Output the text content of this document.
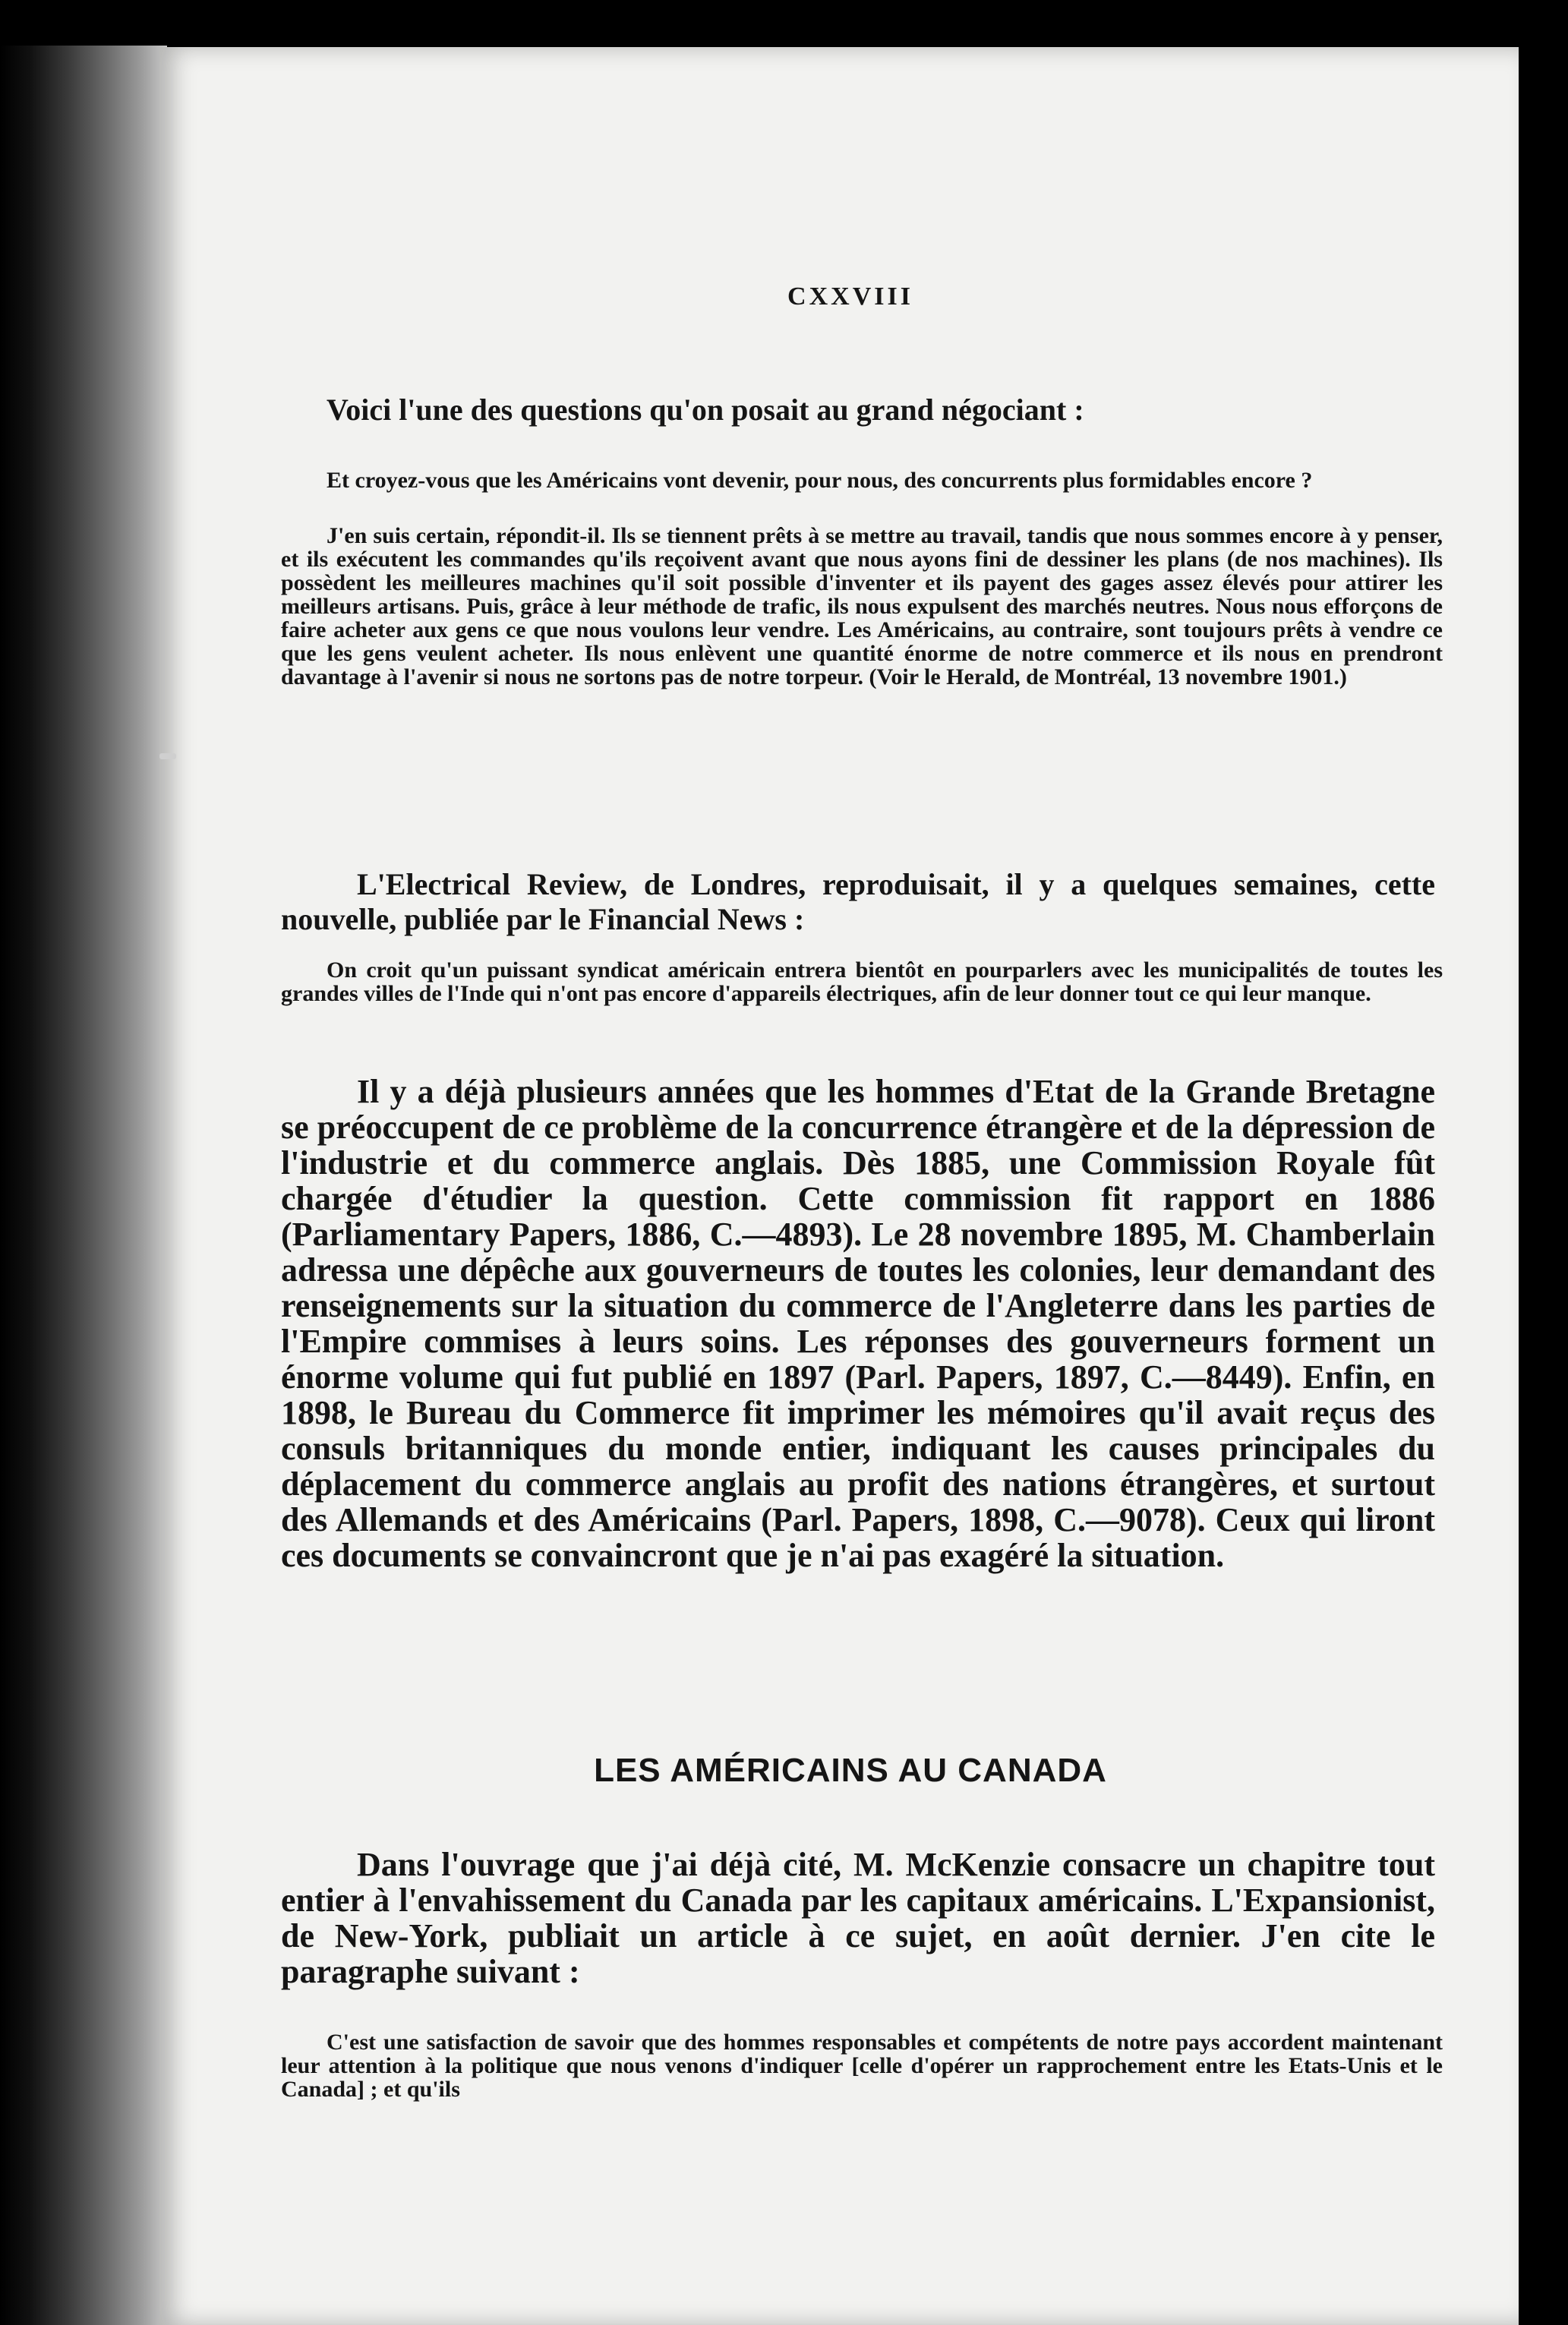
CXXVIII

Voici l'une des questions qu'on posait au grand négociant :

Et croyez-vous que les Américains vont devenir, pour nous, des concurrents plus formidables encore ?

J'en suis certain, répondit-il. Ils se tiennent prêts à se mettre au travail, tandis que nous sommes encore à y penser, et ils exécutent les commandes qu'ils reçoivent avant que nous ayons fini de dessiner les plans (de nos machines). Ils possèdent les meilleures machines qu'il soit possible d'inventer et ils payent des gages assez élevés pour attirer les meilleurs artisans. Puis, grâce à leur méthode de trafic, ils nous expulsent des marchés neutres. Nous nous efforçons de faire acheter aux gens ce que nous voulons leur vendre. Les Américains, au contraire, sont toujours prêts à vendre ce que les gens veulent acheter. Ils nous enlèvent une quantité énorme de notre commerce et ils nous en prendront davantage à l'avenir si nous ne sortons pas de notre torpeur. (Voir le Herald, de Montréal, 13 novembre 1901.)

L'Electrical Review, de Londres, reproduisait, il y a quelques semaines, cette nouvelle, publiée par le Financial News :

On croit qu'un puissant syndicat américain entrera bientôt en pourparlers avec les municipalités de toutes les grandes villes de l'Inde qui n'ont pas encore d'appareils électriques, afin de leur donner tout ce qui leur manque.

Il y a déjà plusieurs années que les hommes d'Etat de la Grande Bretagne se préoccupent de ce problème de la concurrence étrangère et de la dépression de l'industrie et du commerce anglais. Dès 1885, une Commission Royale fût chargée d'étudier la question. Cette commission fit rapport en 1886 (Parliamentary Papers, 1886, C.—4893). Le 28 novembre 1895, M. Chamberlain adressa une dépêche aux gouverneurs de toutes les colonies, leur demandant des renseignements sur la situation du commerce de l'Angleterre dans les parties de l'Empire commises à leurs soins. Les réponses des gouverneurs forment un énorme volume qui fut publié en 1897 (Parl. Papers, 1897, C.—8449). Enfin, en 1898, le Bureau du Commerce fit imprimer les mémoires qu'il avait reçus des consuls britanniques du monde entier, indiquant les causes principales du déplacement du commerce anglais au profit des nations étrangères, et surtout des Allemands et des Américains (Parl. Papers, 1898, C.—9078). Ceux qui liront ces documents se convaincront que je n'ai pas exagéré la situation.

LES AMÉRICAINS AU CANADA

Dans l'ouvrage que j'ai déjà cité, M. McKenzie consacre un chapitre tout entier à l'envahissement du Canada par les capitaux américains. L'Expansionist, de New-York, publiait un article à ce sujet, en août dernier. J'en cite le paragraphe suivant :

C'est une satisfaction de savoir que des hommes responsables et compétents de notre pays accordent maintenant leur attention à la politique que nous venons d'indiquer [celle d'opérer un rapprochement entre les Etats-Unis et le Canada] ; et qu'ils
